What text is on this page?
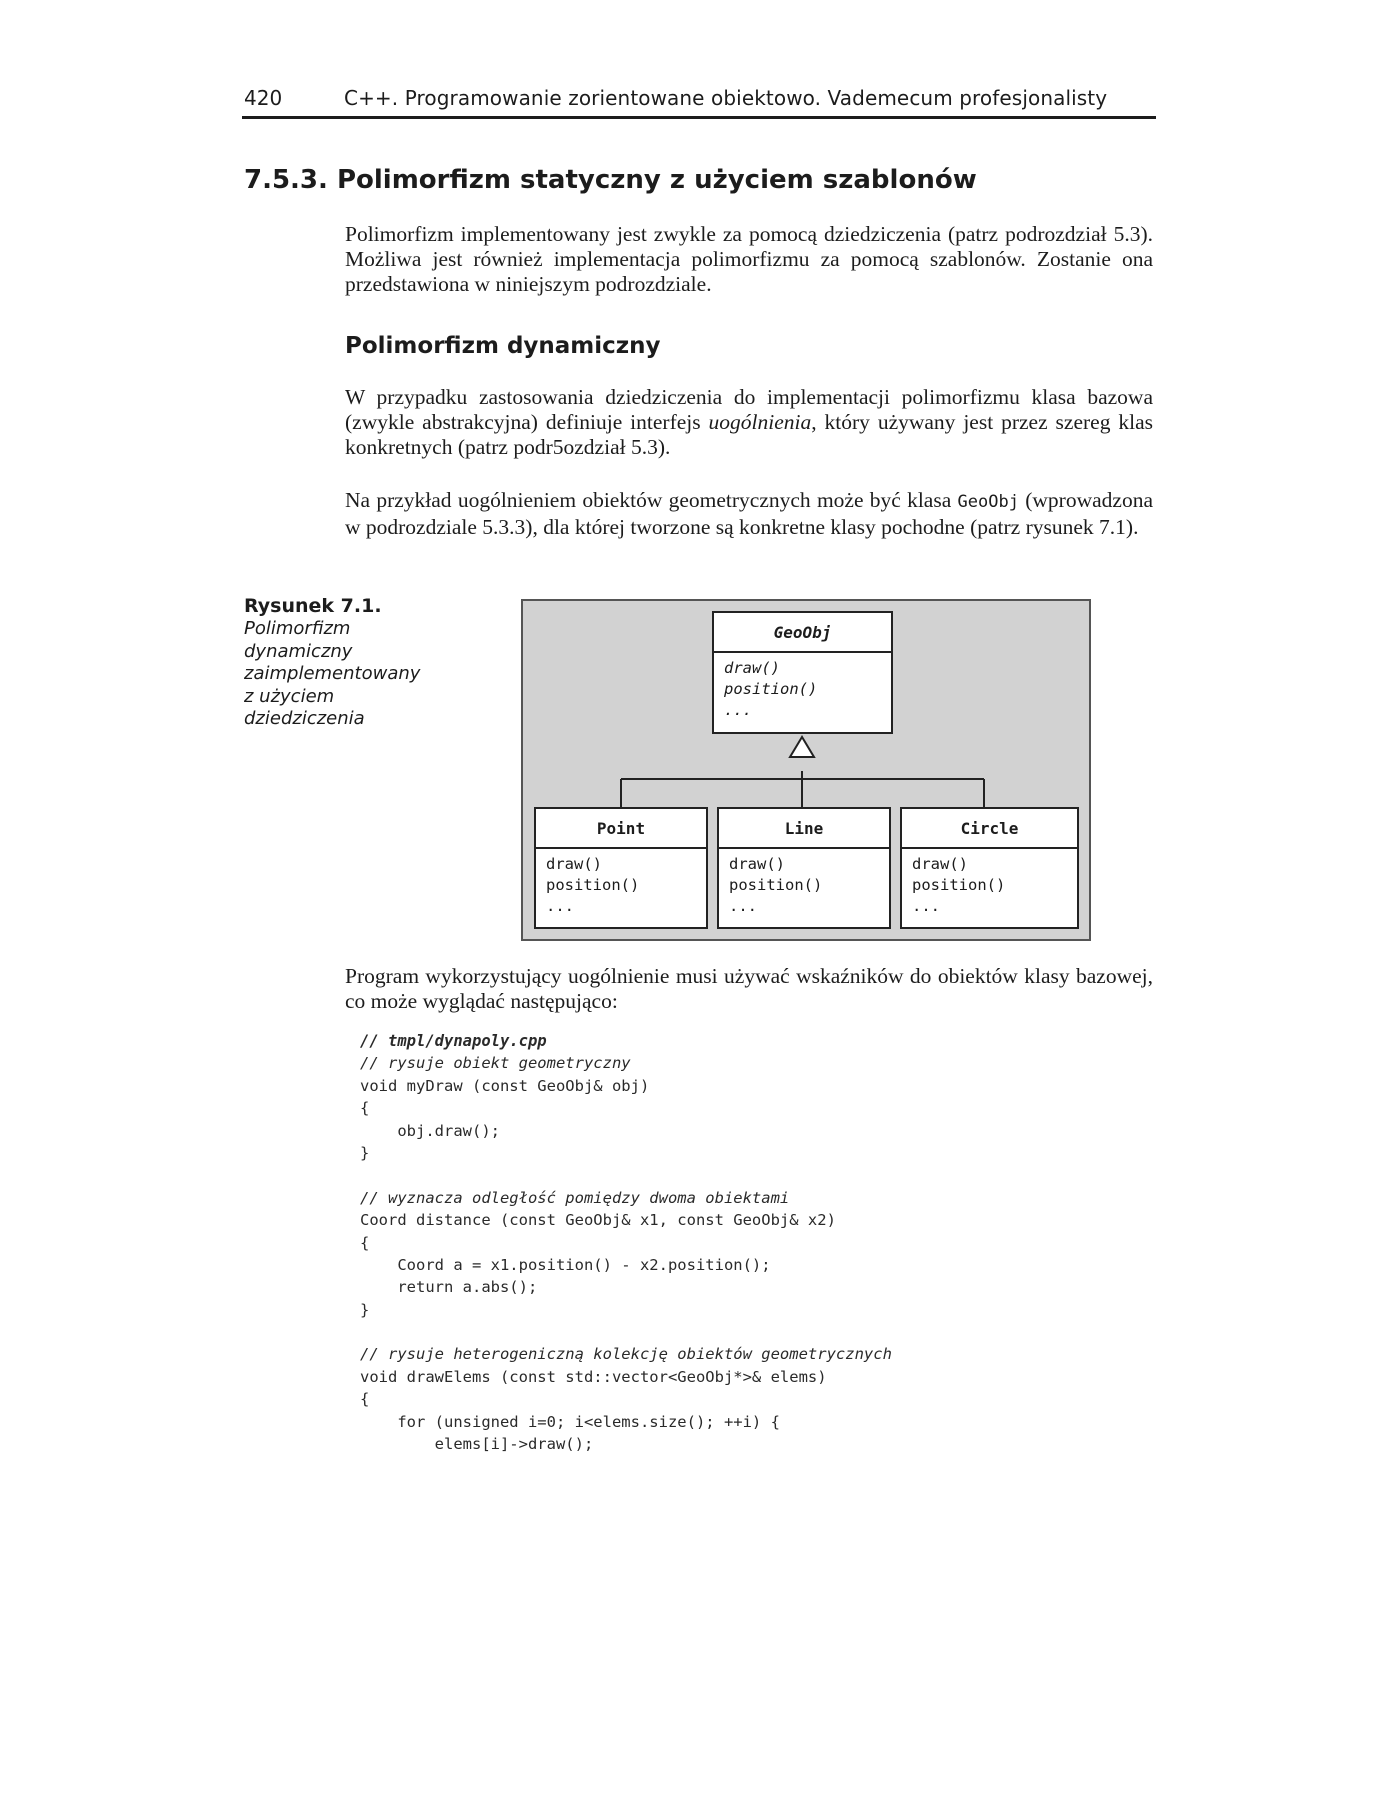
420	C++. Programowanie zorientowane obiektowo. Vademecum profesjonalisty
7.5.3. Polimorfizm statyczny z użyciem szablonów

Polimorfizm implementowany jest zwykle za pomocą dziedziczenia (patrz podrozdział 5.3). Możliwa jest również implementacja polimorfizmu za pomocą szablonów. Zostanie ona przedstawiona w niniejszym podrozdziale.

Polimorfizm dynamiczny

W przypadku zastosowania dziedziczenia do implementacji polimorfizmu klasa bazowa (zwykle abstrakcyjna) definiuje interfejs uogólnienia, który używany jest przez szereg klas konkretnych (patrz podr5ozdział 5.3).

Na przykład uogólnieniem obiektów geometrycznych może być klasa GeoObj (wprowadzona w podrozdziale 5.3.3), dla której tworzone są konkretne klasy pochodne (patrz rysunek 7.1).

Rysunek 7.1.
Polimorfizm dynamiczny zaimplementowany z użyciem dziedziczenia
GeoObj
draw()
position()
...
Point
draw()
position()
...
Line
draw()
position()
...
Circle
draw()
position()
...

Program wykorzystujący uogólnienie musi używać wskaźników do obiektów klasy bazowej, co może wyglądać następująco:

// tmpl/dynapoly.cpp
// rysuje obiekt geometryczny
void myDraw (const GeoObj& obj)
{
obj.draw();
}
// wyznacza odległość pomiędzy dwoma obiektami
Coord distance (const GeoObj& x1, const GeoObj& x2)
{
Coord a = x1.position() - x2.position();
return a.abs();
}
// rysuje heterogeniczną kolekcję obiektów geometrycznych
void drawElems (const std::vector<GeoObj*>& elems)
{
for (unsigned i=0; i<elems.size(); ++i) {
elems[i]->draw();
